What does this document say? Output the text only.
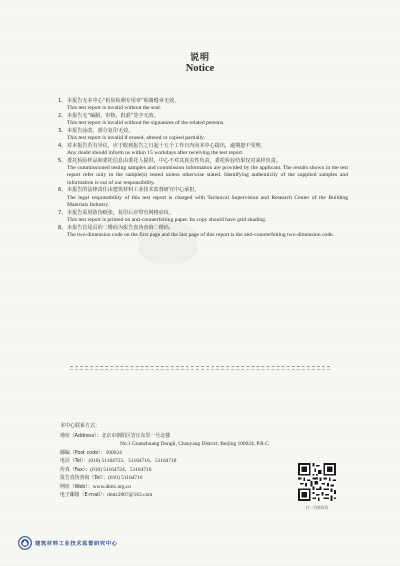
说明
Notice
1、本报告无本中心“检验检测专用章”和骑缝章无效。
This test report is invalid without the seal.
2、本报告无“编制、审核、批准”签字无效。
This test report is invalid without the signatures of the related persons.
3、本报告涂改、部分复印无效。
This test report is invalid if erased, altered or copied partially.
4、对本报告若有异议，应于收到报告之日起十五个工作日内向本中心提出，逾期恕不受理。
Any doubt should inform us within 15 workdays after receiving the test report.
5、委托检验样品和委托信息由委托人提供，中心不对其真实性负责，委托检验结果仅对来样负责。
The commissioned testing samples and commission information are provided by the applicant. The results shown in the test report refer only to the sample(s) tested unless otherwise stated. Identifying authenticity of the supplied samples and information is out of our responsibility.
6、本报告的法律责任由建筑材料工业技术监督研究中心承担。
The legal responsibility of this test report is charged with Technical Supervision and Research Center of the Building Materials Industry.
7、本报告采用防伪纸张，复印后应带有网格底纹。
This test report is printed on anti-counterfeiting paper. Its copy should have grid shading.
8、本报告首尾页的二维码为报告真伪查询二维码。
The two-dimension code on the first page and the last page of this report is the anti-counterfeiting two-dimension code.
本中心联系方式：
地址（Address）：北京市朝阳区管庄东里一号北楼
No.1 Guanzhuang Dongli, Chaoyang District, Beijing 100024, P.R.C
邮编（Post code）：100024
电话（Tel）：(010) 51164723、51164716、51164718
传真（Fax）：(010) 51164724、51164716
报告真伪查询（Tel）：(010) 51164716
网址（Web）：www.dmtc.org.cn
电子邮箱（E-mail）：dmtc2007@163.com
扫一扫辨真伪
建筑材料工业技术监督研究中心
